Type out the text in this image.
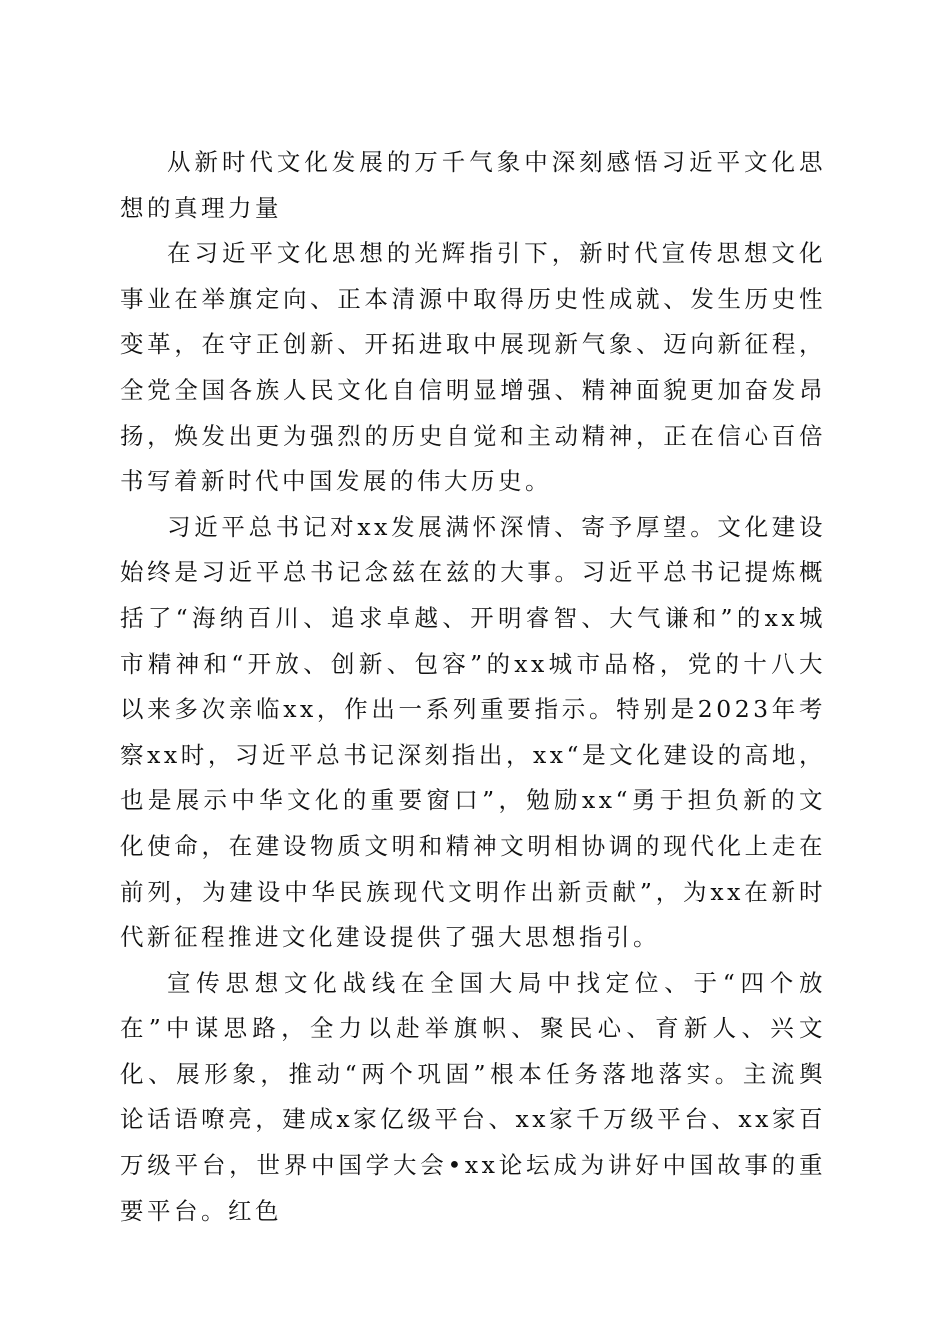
从新时代文化发展的万千气象中深刻感悟习近平文化思想的真理力量

在习近平文化思想的光辉指引下，新时代宣传思想文化事业在举旗定向、正本清源中取得历史性成就、发生历史性变革，在守正创新、开拓进取中展现新气象、迈向新征程，全党全国各族人民文化自信明显增强、精神面貌更加奋发昂扬，焕发出更为强烈的历史自觉和主动精神，正在信心百倍书写着新时代中国发展的伟大历史。

习近平总书记对xx发展满怀深情、寄予厚望。文化建设始终是习近平总书记念兹在兹的大事。习近平总书记提炼概括了“海纳百川、追求卓越、开明睿智、大气谦和”的xx城市精神和“开放、创新、包容”的xx城市品格，党的十八大以来多次亲临xx，作出一系列重要指示。特别是2023年考察xx时，习近平总书记深刻指出，xx“是文化建设的高地，也是展示中华文化的重要窗口”，勉励xx“勇于担负新的文化使命，在建设物质文明和精神文明相协调的现代化上走在前列，为建设中华民族现代文明作出新贡献”，为xx在新时代新征程推进文化建设提供了强大思想指引。

宣传思想文化战线在全国大局中找定位、于“四个放在”中谋思路，全力以赴举旗帜、聚民心、育新人、兴文化、展形象，推动“两个巩固”根本任务落地落实。主流舆论话语嘹亮，建成x家亿级平台、xx家千万级平台、xx家百万级平台，世界中国学大会•xx论坛成为讲好中国故事的重要平台。红色
